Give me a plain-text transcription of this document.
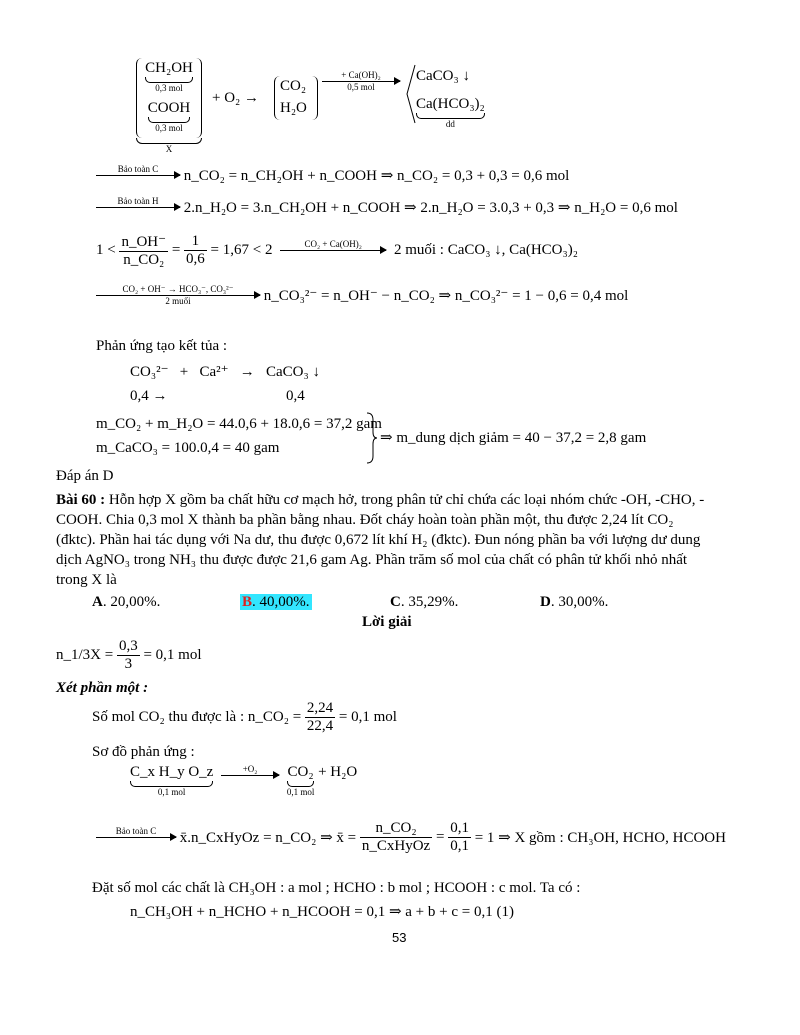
CH₂OH
0,3 mol
COOH
0,3 mol
X
+ O₂ →
CO₂
H₂O
+ Ca(OH)₂
0,5 mol
CaCO₃ ↓
Ca(HCO₃)₂
dd
Bảo toàn C
	n_CO₂ = n_CH₂OH + n_COOH ⇒ n_CO₂ = 0,3 + 0,3 = 0,6 mol
Bảo toàn H
	2.n_H₂O = 3.n_CH₂OH + n_COOH ⇒ 2.n_H₂O = 3.0,3 + 0,3 ⇒ n_H₂O = 0,6 mol
$1 < \frac{n\_OH^-}{\text{n\_CO₂}} = \frac{1}{0,6} = 1,67 < 2$	CO₂ + Ca(OH)₂
	2 muối : CaCO₃ ↓, Ca(HCO₃)₂
CO₂ + OH⁻ → HCO₃⁻, CO₃²⁻
2 muối	n_CO₃²⁻ = n_OH⁻ − n_CO₂ ⇒ n_CO₃²⁻ = 1 − 0,6 = 0,4 mol
Phản ứng tạo kết tủa :
CO₃²⁻   +   Ca²⁺   →   CaCO₃ ↓
0,4 →	0,4
m_CO₂ + m_H₂O = 44.0,6 + 18.0,6 = 37,2 gam
m_CaCO₃ = 100.0,4 = 40 gam
⇒ m_dung dịch giảm = 40 − 37,2 = 2,8 gam
Đáp án D
Bài 60 : Hỗn hợp X gồm ba chất hữu cơ mạch hở, trong phân tử chỉ chứa các loại nhóm chức -OH, -CHO, -
COOH. Chia 0,3 mol X thành ba phần bằng nhau. Đốt cháy hoàn toàn phần một, thu được 2,24 lít CO₂
(đktc). Phần hai tác dụng với Na dư, thu được 0,672 lít khí H₂ (đktc). Đun nóng phần ba với lượng dư dung
dịch AgNO₃ trong NH₃ thu được được 21,6 gam Ag. Phần trăm số mol của chất có phân tử khối nhỏ nhất
trong X là
A. 20,00%.	B. 40,00%.	C. 35,29%.	D. 30,00%.
Lời giải
n_1/3X = $\frac{0,3}{3} = 0,1$ mol
Xét phần một :
Số mol CO₂ thu được là : n_CO₂ = $\frac{2,24}{22,4} = 0,1$ mol
Sơ đồ phản ứng :
C_x H_y O_z
0,1 mol

+O₂	CO₂
0,1 mol
+ H₂O
Bảo toàn C
	x̄.n_CxHyOz = n_CO₂ ⇒ x̄ = $\frac{\text{n\_CO₂}}{\text{n\_CxHyOz}} = \frac{0,1}{0,1} = 1$ ⇒ X gồm : CH₃OH, HCHO, HCOOH
Đặt số mol các chất là CH₃OH : a mol ; HCHO : b mol ; HCOOH : c mol. Ta có :
n_CH₃OH + n_HCHO + n_HCOOH = 0,1 ⇒ a + b + c = 0,1 (1)
53
